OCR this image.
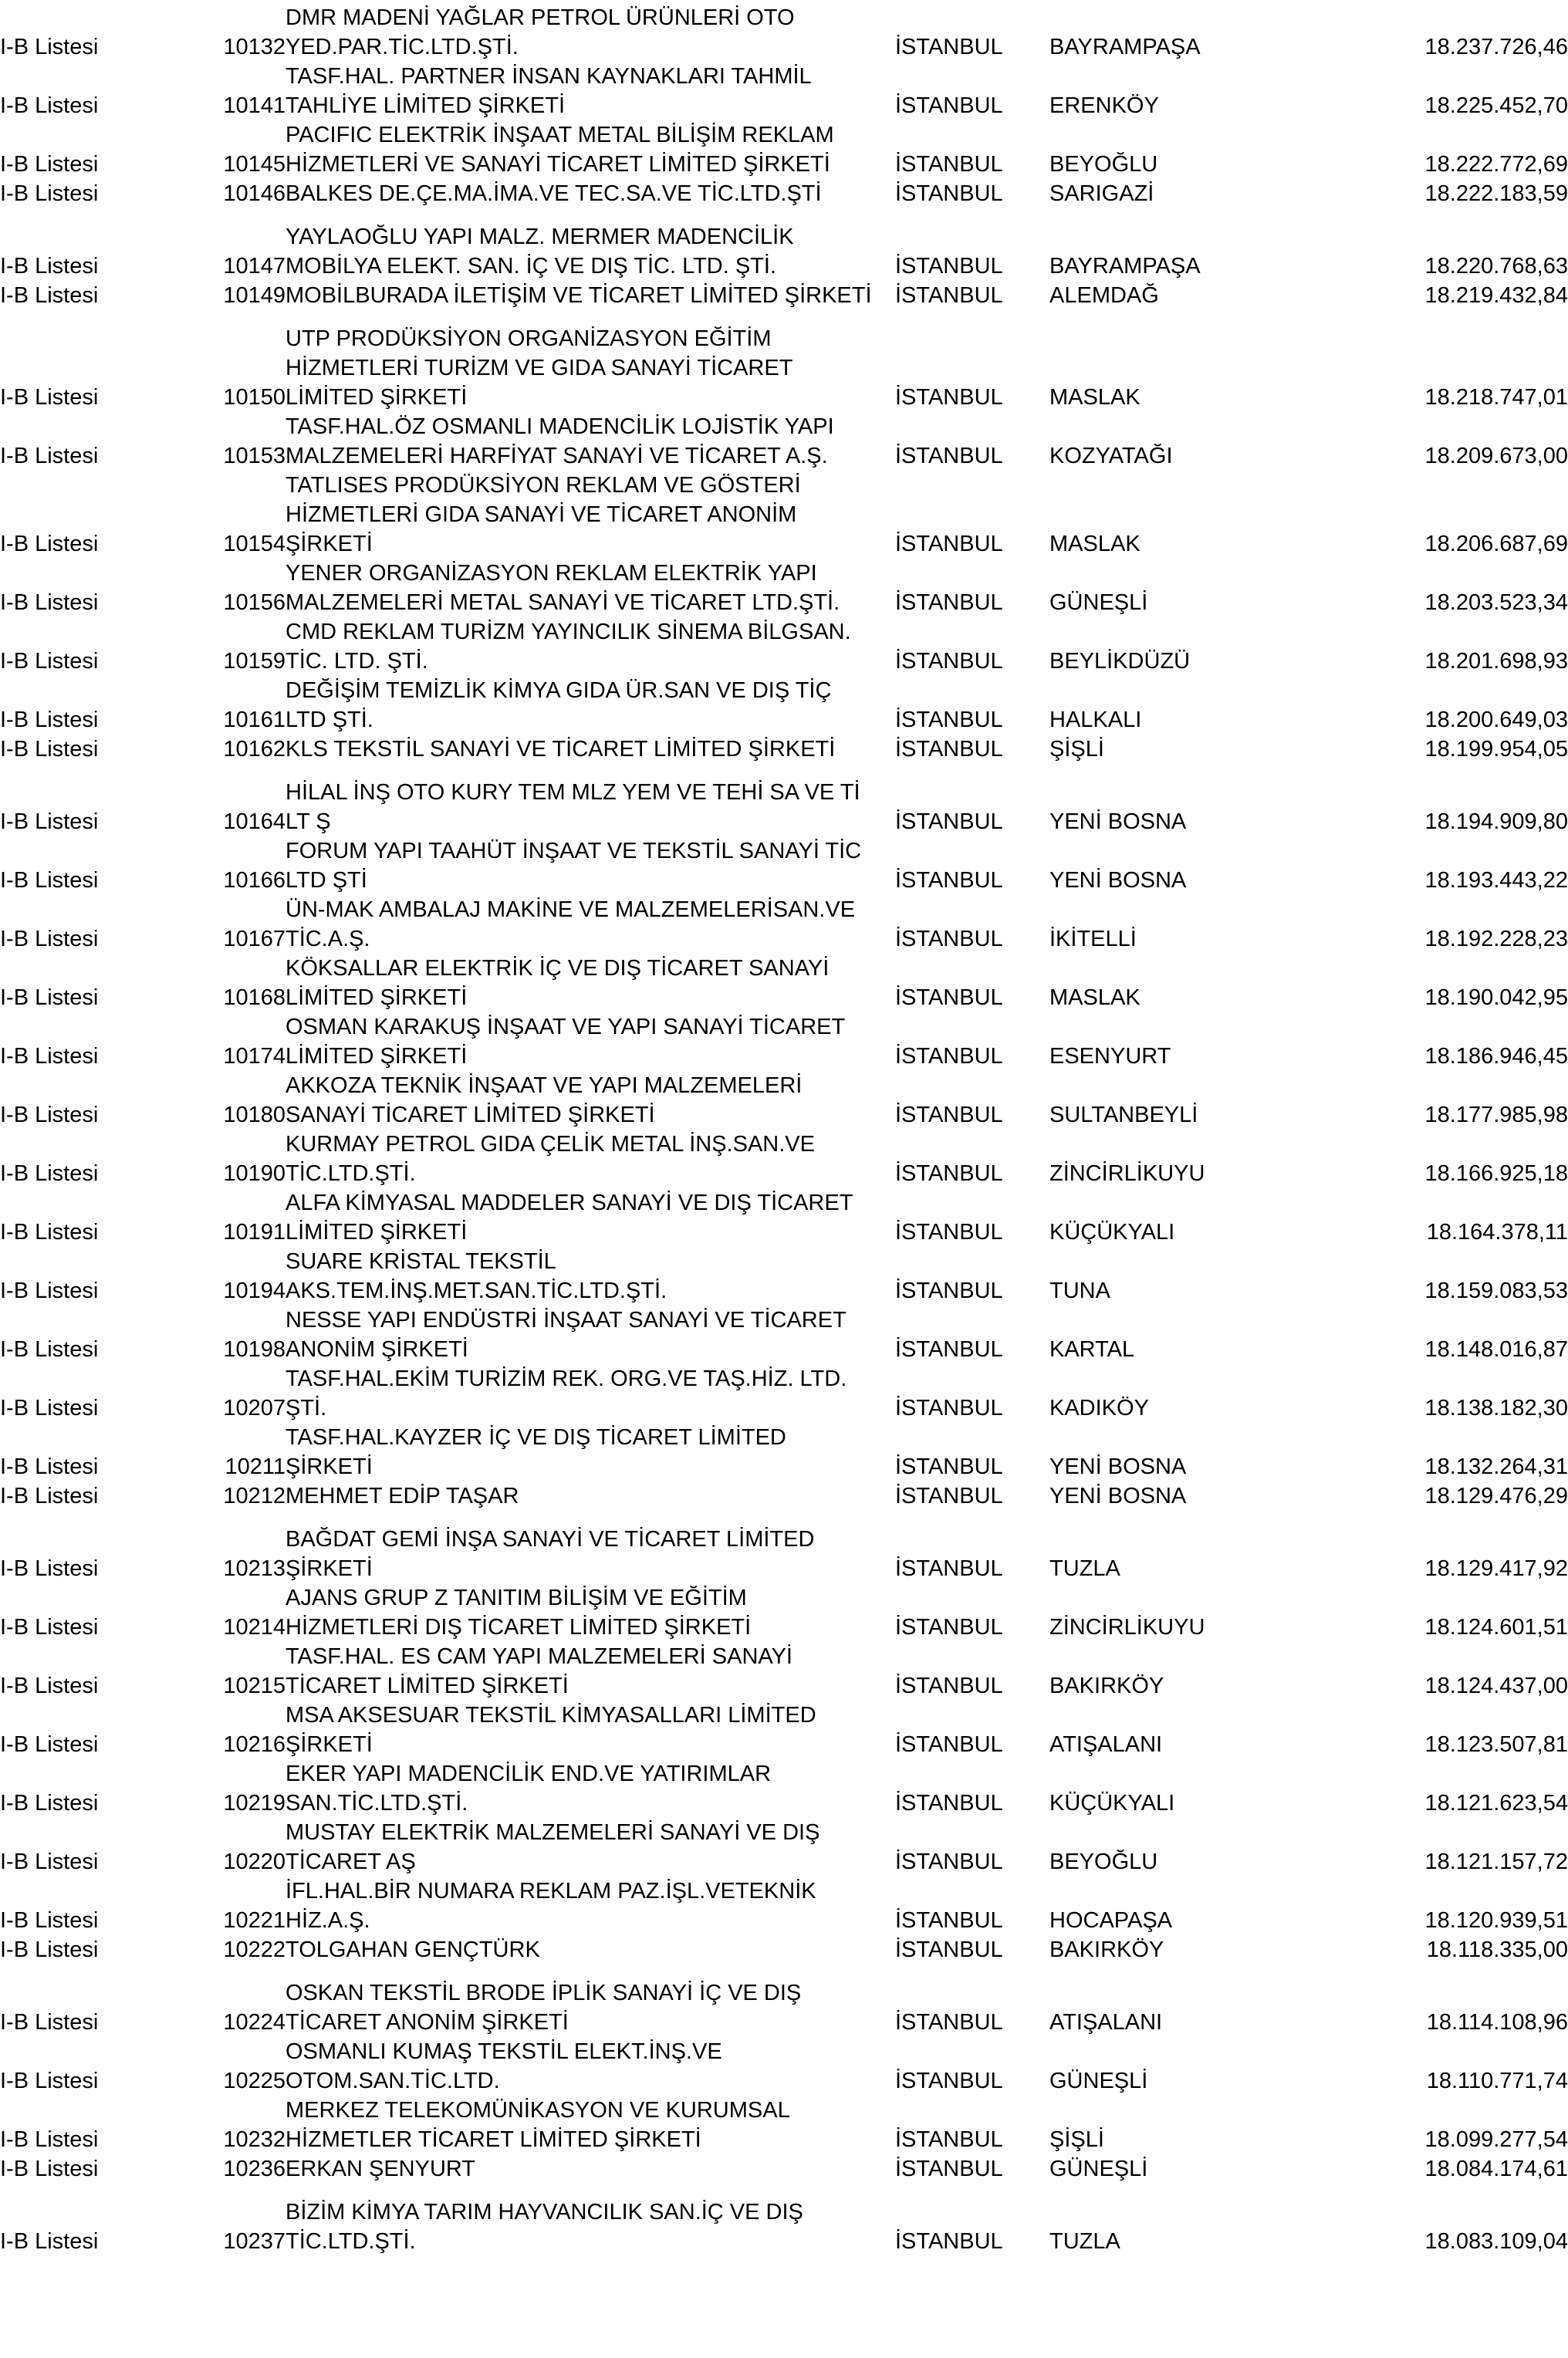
		DMR MADENİ YAĞLAR PETROL ÜRÜNLERİ OTO			
I-B Listesi	10132	YED.PAR.TİC.LTD.ŞTİ.	İSTANBUL	BAYRAMPAŞA	18.237.726,46
		TASF.HAL. PARTNER İNSAN KAYNAKLARI TAHMİL			
I-B Listesi	10141	TAHLİYE LİMİTED ŞİRKETİ	İSTANBUL	ERENKÖY	18.225.452,70
		PACIFIC ELEKTRİK İNŞAAT METAL BİLİŞİM REKLAM			
I-B Listesi	10145	HİZMETLERİ VE SANAYİ TİCARET LİMİTED ŞİRKETİ	İSTANBUL	BEYOĞLU	18.222.772,69
I-B Listesi	10146	BALKES DE.ÇE.MA.İMA.VE TEC.SA.VE TİC.LTD.ŞTİ	İSTANBUL	SARIGAZİ	18.222.183,59

		YAYLAOĞLU YAPI MALZ. MERMER MADENCİLİK			
I-B Listesi	10147	MOBİLYA ELEKT. SAN. İÇ VE DIŞ TİC. LTD. ŞTİ.	İSTANBUL	BAYRAMPAŞA	18.220.768,63
I-B Listesi	10149	MOBİLBURADA İLETİŞİM VE TİCARET LİMİTED ŞİRKETİ	İSTANBUL	ALEMDAĞ	18.219.432,84

		UTP PRODÜKSİYON ORGANİZASYON EĞİTİM			
		HİZMETLERİ TURİZM VE GIDA SANAYİ TİCARET			
I-B Listesi	10150	LİMİTED ŞİRKETİ	İSTANBUL	MASLAK	18.218.747,01
		TASF.HAL.ÖZ OSMANLI MADENCİLİK LOJİSTİK YAPI			
I-B Listesi	10153	MALZEMELERİ HARFİYAT SANAYİ VE TİCARET A.Ş.	İSTANBUL	KOZYATAĞI	18.209.673,00
		TATLISES PRODÜKSİYON REKLAM VE GÖSTERİ			
		HİZMETLERİ GIDA SANAYİ VE TİCARET ANONİM			
I-B Listesi	10154	ŞİRKETİ	İSTANBUL	MASLAK	18.206.687,69
		YENER ORGANİZASYON REKLAM ELEKTRİK YAPI			
I-B Listesi	10156	MALZEMELERİ METAL SANAYİ VE TİCARET LTD.ŞTİ.	İSTANBUL	GÜNEŞLİ	18.203.523,34
		CMD REKLAM TURİZM YAYINCILIK SİNEMA BİLGSAN.			
I-B Listesi	10159	TİC. LTD. ŞTİ.	İSTANBUL	BEYLİKDÜZÜ	18.201.698,93
		DEĞİŞİM TEMİZLİK KİMYA GIDA ÜR.SAN VE DIŞ TİÇ			
I-B Listesi	10161	LTD ŞTİ.	İSTANBUL	HALKALI	18.200.649,03
I-B Listesi	10162	KLS TEKSTİL SANAYİ VE TİCARET LİMİTED ŞİRKETİ	İSTANBUL	ŞİŞLİ	18.199.954,05

		HİLAL İNŞ OTO KURY TEM MLZ YEM VE TEHİ SA VE Tİ			
I-B Listesi	10164	LT Ş	İSTANBUL	YENİ BOSNA	18.194.909,80
		FORUM YAPI TAAHÜT İNŞAAT VE TEKSTİL SANAYİ TİC			
I-B Listesi	10166	LTD ŞTİ	İSTANBUL	YENİ BOSNA	18.193.443,22
		ÜN-MAK AMBALAJ MAKİNE VE MALZEMELERİSAN.VE			
I-B Listesi	10167	TİC.A.Ş.	İSTANBUL	İKİTELLİ	18.192.228,23
		KÖKSALLAR ELEKTRİK İÇ VE DIŞ TİCARET SANAYİ			
I-B Listesi	10168	LİMİTED ŞİRKETİ	İSTANBUL	MASLAK	18.190.042,95
		OSMAN KARAKUŞ İNŞAAT VE YAPI SANAYİ TİCARET			
I-B Listesi	10174	LİMİTED ŞİRKETİ	İSTANBUL	ESENYURT	18.186.946,45
		AKKOZA TEKNİK İNŞAAT VE YAPI MALZEMELERİ			
I-B Listesi	10180	SANAYİ TİCARET LİMİTED ŞİRKETİ	İSTANBUL	SULTANBEYLİ	18.177.985,98
		KURMAY PETROL GIDA ÇELİK METAL İNŞ.SAN.VE			
I-B Listesi	10190	TİC.LTD.ŞTİ.	İSTANBUL	ZİNCİRLİKUYU	18.166.925,18
		ALFA KİMYASAL MADDELER SANAYİ VE DIŞ TİCARET			
I-B Listesi	10191	LİMİTED ŞİRKETİ	İSTANBUL	KÜÇÜKYALI	18.164.378,11
		SUARE KRİSTAL TEKSTİL			
I-B Listesi	10194	AKS.TEM.İNŞ.MET.SAN.TİC.LTD.ŞTİ.	İSTANBUL	TUNA	18.159.083,53
		NESSE YAPI ENDÜSTRİ İNŞAAT SANAYİ VE TİCARET			
I-B Listesi	10198	ANONİM ŞİRKETİ	İSTANBUL	KARTAL	18.148.016,87
		TASF.HAL.EKİM TURİZİM REK. ORG.VE TAŞ.HİZ. LTD.			
I-B Listesi	10207	ŞTİ.	İSTANBUL	KADIKÖY	18.138.182,30
		TASF.HAL.KAYZER İÇ VE DIŞ TİCARET LİMİTED			
I-B Listesi	10211	ŞİRKETİ	İSTANBUL	YENİ BOSNA	18.132.264,31
I-B Listesi	10212	MEHMET EDİP TAŞAR	İSTANBUL	YENİ BOSNA	18.129.476,29

		BAĞDAT GEMİ İNŞA SANAYİ VE TİCARET LİMİTED			
I-B Listesi	10213	ŞİRKETİ	İSTANBUL	TUZLA	18.129.417,92
		AJANS GRUP Z TANITIM BİLİŞİM VE EĞİTİM			
I-B Listesi	10214	HİZMETLERİ DIŞ TİCARET LİMİTED ŞİRKETİ	İSTANBUL	ZİNCİRLİKUYU	18.124.601,51
		TASF.HAL. ES CAM YAPI MALZEMELERİ SANAYİ			
I-B Listesi	10215	TİCARET LİMİTED ŞİRKETİ	İSTANBUL	BAKIRKÖY	18.124.437,00
		MSA AKSESUAR TEKSTİL KİMYASALLARI LİMİTED			
I-B Listesi	10216	ŞİRKETİ	İSTANBUL	ATIŞALANI	18.123.507,81
		EKER YAPI MADENCİLİK END.VE YATIRIMLAR			
I-B Listesi	10219	SAN.TİC.LTD.ŞTİ.	İSTANBUL	KÜÇÜKYALI	18.121.623,54
		MUSTAY ELEKTRİK MALZEMELERİ SANAYİ VE DIŞ			
I-B Listesi	10220	TİCARET AŞ	İSTANBUL	BEYOĞLU	18.121.157,72
		İFL.HAL.BİR NUMARA REKLAM PAZ.İŞL.VETEKNİK			
I-B Listesi	10221	HİZ.A.Ş.	İSTANBUL	HOCAPAŞA	18.120.939,51
I-B Listesi	10222	TOLGAHAN GENÇTÜRK	İSTANBUL	BAKIRKÖY	18.118.335,00

		OSKAN TEKSTİL BRODE İPLİK SANAYİ İÇ VE DIŞ			
I-B Listesi	10224	TİCARET ANONİM ŞİRKETİ	İSTANBUL	ATIŞALANI	18.114.108,96
		OSMANLI KUMAŞ TEKSTİL ELEKT.İNŞ.VE			
I-B Listesi	10225	OTOM.SAN.TİC.LTD.	İSTANBUL	GÜNEŞLİ	18.110.771,74
		MERKEZ TELEKOMÜNİKASYON VE KURUMSAL			
I-B Listesi	10232	HİZMETLER TİCARET LİMİTED ŞİRKETİ	İSTANBUL	ŞİŞLİ	18.099.277,54
I-B Listesi	10236	ERKAN ŞENYURT	İSTANBUL	GÜNEŞLİ	18.084.174,61

		BİZİM KİMYA TARIM HAYVANCILIK SAN.İÇ VE DIŞ			
I-B Listesi	10237	TİC.LTD.ŞTİ.	İSTANBUL	TUZLA	18.083.109,04
